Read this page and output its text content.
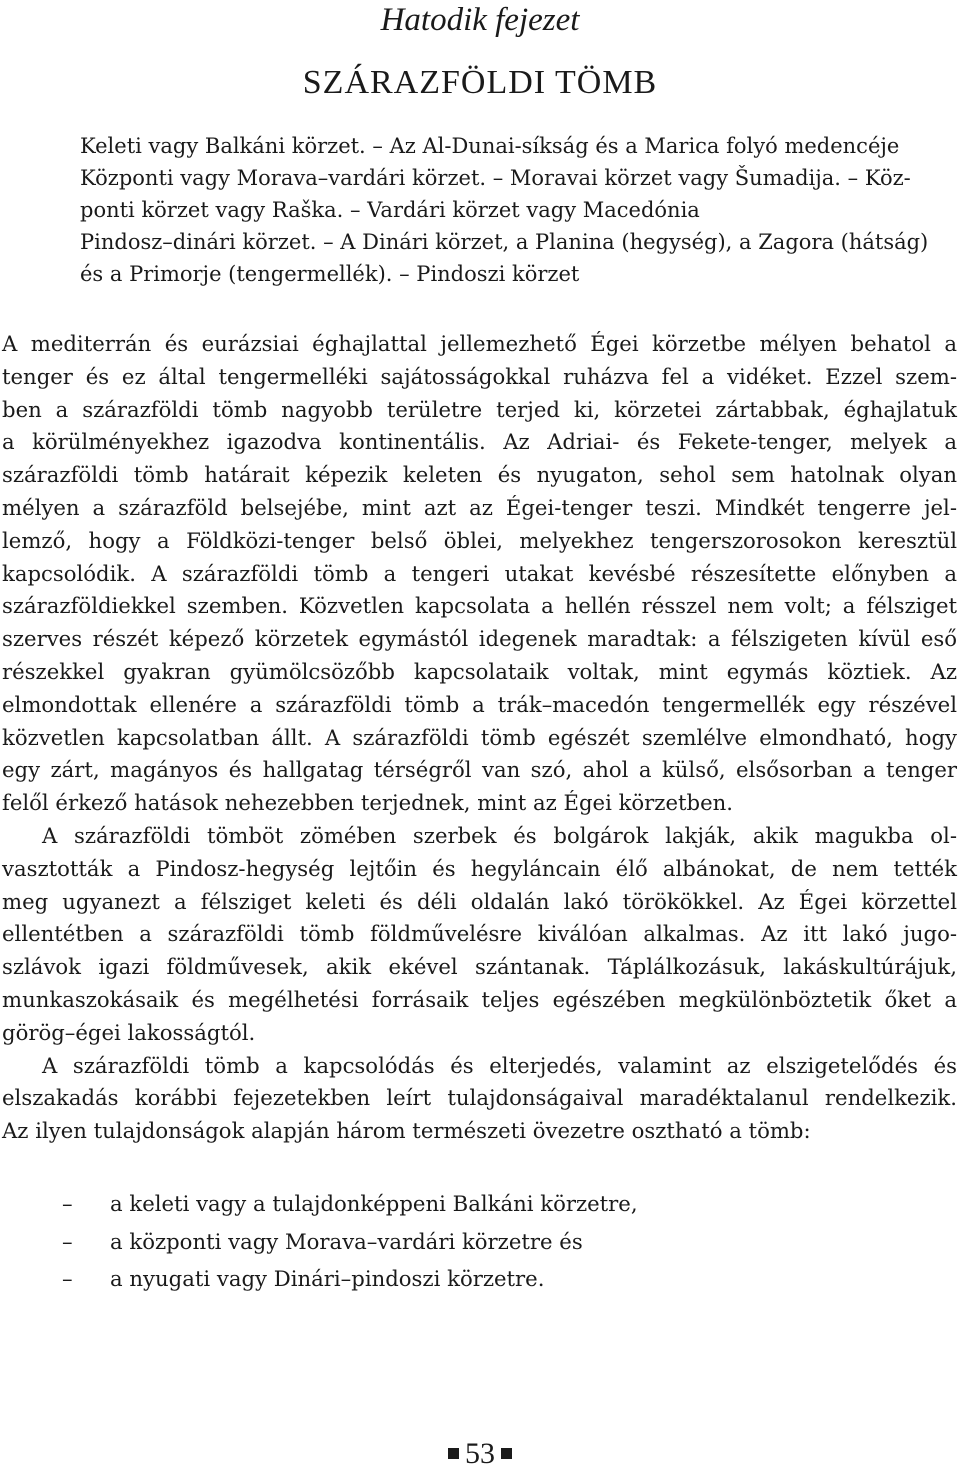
Hatodik fejezet
SZÁRAZFÖLDI TÖMB
Keleti vagy Balkáni körzet. – Az Al-Dunai-síkság és a Marica folyó medencéje
Központi vagy Morava–vardári körzet. – Moravai körzet vagy Šumadija. – Köz-
ponti körzet vagy Raška. – Vardári körzet vagy Macedónia
Pindosz–dinári körzet. – A Dinári körzet, a Planina (hegység), a Zagora (hátság)
és a Primorje (tengermellék). – Pindoszi körzet
A mediterrán és eurázsiai éghajlattal jellemezhető Égei körzetbe mélyen behatol a
tenger és ez által tengermelléki sajátosságokkal ruházva fel a vidéket. Ezzel szem-
ben a szárazföldi tömb nagyobb területre terjed ki, körzetei zártabbak, éghajlatuk
a körülményekhez igazodva kontinentális. Az Adriai- és Fekete-tenger, melyek a
szárazföldi tömb határait képezik keleten és nyugaton, sehol sem hatolnak olyan
mélyen a szárazföld belsejébe, mint azt az Égei-tenger teszi. Mindkét tengerre jel-
lemző, hogy a Földközi-tenger belső öblei, melyekhez tengerszorosokon keresztül
kapcsolódik. A szárazföldi tömb a tengeri utakat kevésbé részesítette előnyben a
szárazföldiekkel szemben. Közvetlen kapcsolata a hellén résszel nem volt; a félsziget
szerves részét képező körzetek egymástól idegenek maradtak: a félszigeten kívül eső
részekkel gyakran gyümölcsözőbb kapcsolataik voltak, mint egymás köztiek. Az
elmondottak ellenére a szárazföldi tömb a trák–macedón tengermellék egy részével
közvetlen kapcsolatban állt. A szárazföldi tömb egészét szemlélve elmondható, hogy
egy zárt, magányos és hallgatag térségről van szó, ahol a külső, elsősorban a tenger
felől érkező hatások nehezebben terjednek, mint az Égei körzetben.
A szárazföldi tömböt zömében szerbek és bolgárok lakják, akik magukba ol-
vasztották a Pindosz-hegység lejtőin és hegyláncain élő albánokat, de nem tették
meg ugyanezt a félsziget keleti és déli oldalán lakó törökökkel. Az Égei körzettel
ellentétben a szárazföldi tömb földművelésre kiválóan alkalmas. Az itt lakó jugo-
szlávok igazi földművesek, akik ekével szántanak. Táplálkozásuk, lakáskultúrájuk,
munkaszokásaik és megélhetési forrásaik teljes egészében megkülönböztetik őket a
görög–égei lakosságtól.
A szárazföldi tömb a kapcsolódás és elterjedés, valamint az elszigetelődés és
elszakadás korábbi fejezetekben leírt tulajdonságaival maradéktalanul rendelkezik.
Az ilyen tulajdonságok alapján három természeti övezetre osztható a tömb:
– a keleti vagy a tulajdonképpeni Balkáni körzetre,
– a központi vagy Morava–vardári körzetre és
– a nyugati vagy Dinári–pindoszi körzetre.
53
